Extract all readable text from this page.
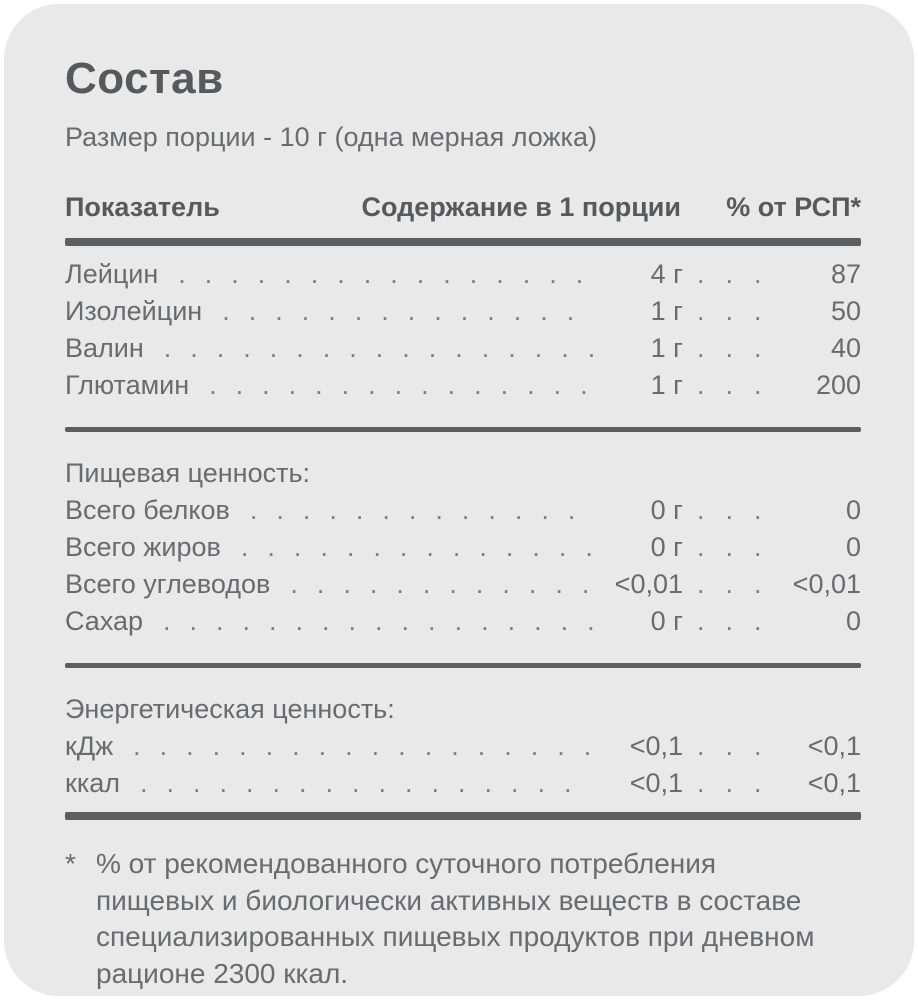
Состав

Размер порции - 10 г (одна мерная ложка)

Показатель	Содержание в 1 порции	% от РСП*
Лейцин .....	4 г ...	87
Изолейцин .....	1 г ...	50
Валин .....	1 г ...	40
Глютамин .....	1 г ...	200
Пищевая ценность:
Всего белков .....	0 г ...	0
Всего жиров .....	0 г ...	0
Всего углеводов .....	<0,01 ...	<0,01
Сахар .....	0 г ...	0
Энергетическая ценность:
кДж .....	<0,1 ...	<0,1
ккал .....	<0,1 ...	<0,1
* % от рекомендованного суточного потребления пищевых и биологически активных веществ в составе специализированных пищевых продуктов при дневном рационе 2300 ккал.
